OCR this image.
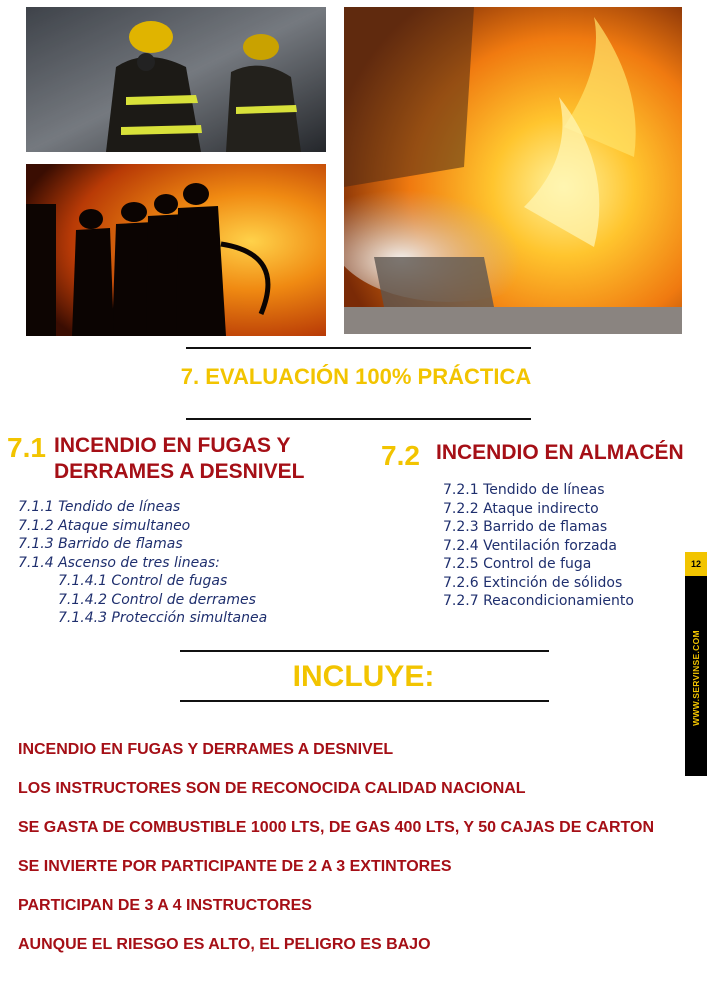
7. EVALUACIÓN 100% PRÁCTICA
7.1 INCENDIO EN FUGAS Y
DERRAMES A DESNIVEL
7.1.1 Tendido de líneas
7.1.2 Ataque simultaneo
7.1.3 Barrido de flamas
7.1.4 Ascenso de tres lineas:
7.1.4.1 Control de fugas
7.1.4.2 Control de derrames
7.1.4.3 Protección simultanea
7.2 INCENDIO EN ALMACÉN
7.2.1 Tendido de líneas
7.2.2 Ataque indirecto
7.2.3 Barrido de flamas
7.2.4 Ventilación forzada
7.2.5 Control de fuga
7.2.6 Extinción de sólidos
7.2.7 Reacondicionamiento
INCLUYE:
INCENDIO EN FUGAS Y DERRAMES A DESNIVEL
LOS INSTRUCTORES SON DE RECONOCIDA CALIDAD NACIONAL
SE GASTA DE COMBUSTIBLE 1000 LTS, DE GAS 400 LTS, Y 50 CAJAS DE CARTON
SE INVIERTE POR PARTICIPANTE DE 2 A 3 EXTINTORES
PARTICIPAN DE 3 A 4 INSTRUCTORES
AUNQUE EL RIESGO ES ALTO, EL PELIGRO ES BAJO
12
WWW.SERVINSE.COM
